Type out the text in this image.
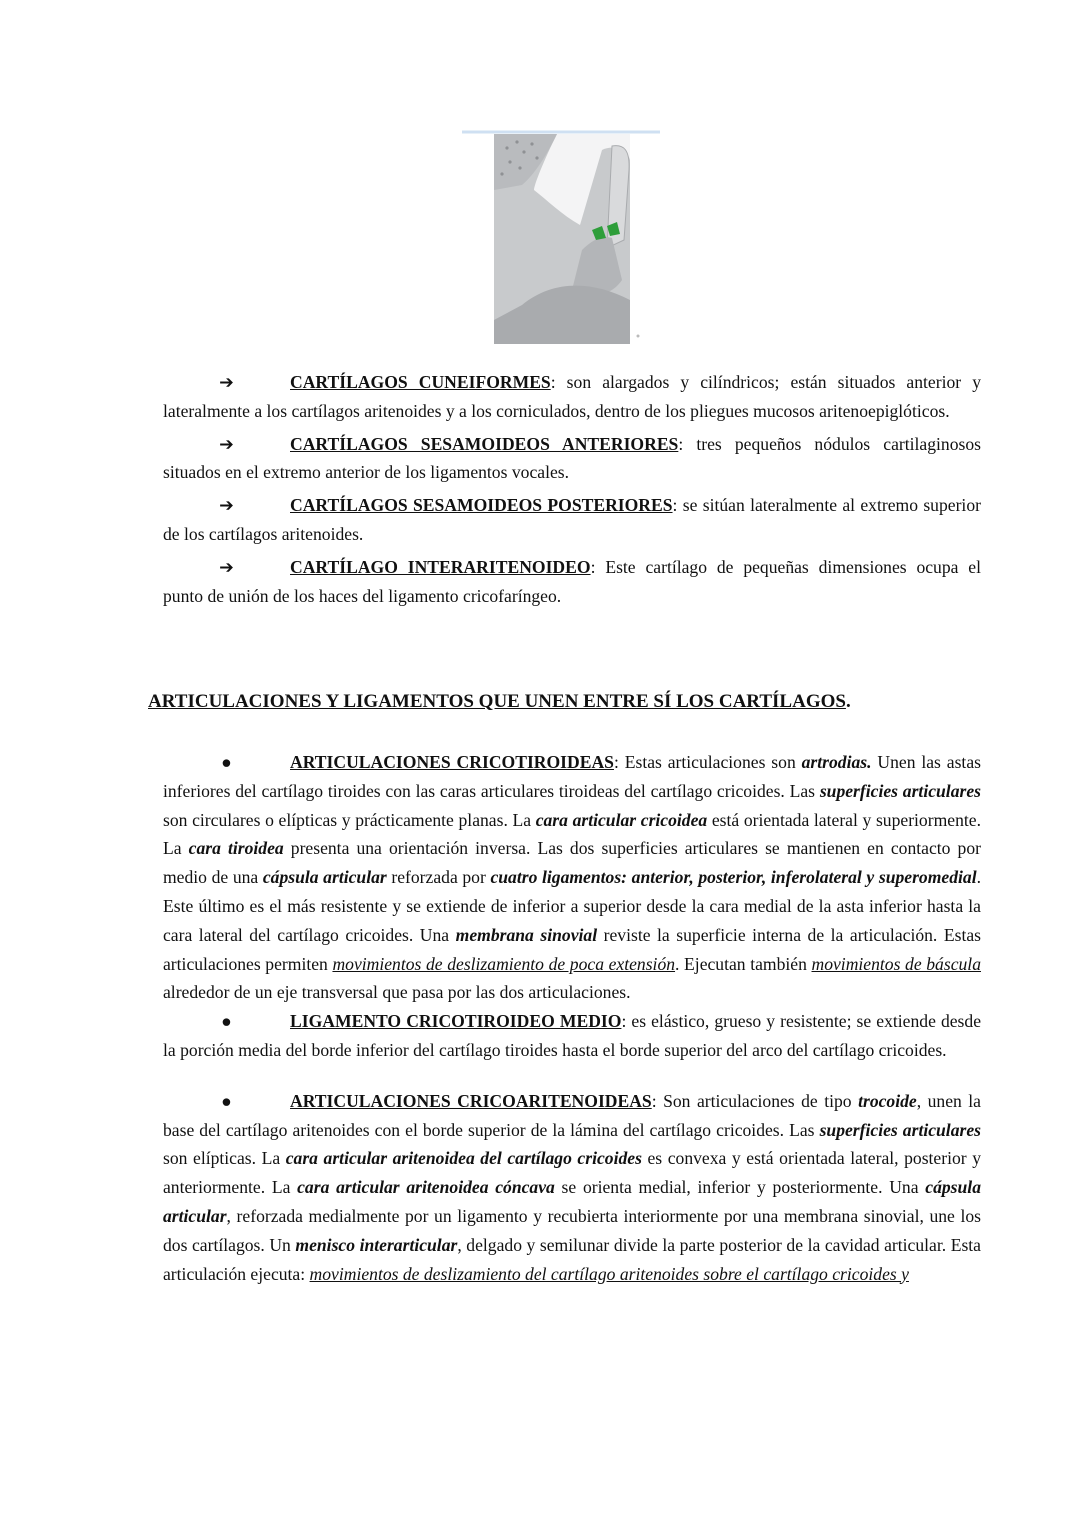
➔	CARTÍLAGOS CUNEIFORMES: son alargados y cilíndricos; están situados anterior y lateralmente a los cartílagos aritenoides y a los corniculados, dentro de los pliegues mucosos aritenoepiglóticos.

➔	CARTÍLAGOS SESAMOIDEOS ANTERIORES: tres pequeños nódulos cartilaginosos situados en el extremo anterior de los ligamentos vocales.

➔	CARTÍLAGOS SESAMOIDEOS POSTERIORES: se sitúan lateralmente al extremo superior de los cartílagos aritenoides.

➔	CARTÍLAGO INTERARITENOIDEO: Este cartílago de pequeñas dimensiones ocupa el punto de unión de los haces del ligamento cricofaríngeo.

ARTICULACIONES Y LIGAMENTOS QUE UNEN ENTRE SÍ LOS CARTÍLAGOS.

●	ARTICULACIONES CRICOTIROIDEAS: Estas articulaciones son artrodias. Unen las astas inferiores del cartílago tiroides con las caras articulares tiroideas del cartílago cricoides. Las superficies articulares son circulares o elípticas y prácticamente planas. La cara articular cricoidea está orientada lateral y superiormente. La cara tiroidea presenta una orientación inversa. Las dos superficies articulares se mantienen en contacto por medio de una cápsula articular reforzada por cuatro ligamentos: anterior, posterior, inferolateral y superomedial. Este último es el más resistente y se extiende de inferior a superior desde la cara medial de la asta inferior hasta la cara lateral del cartílago cricoides. Una membrana sinovial reviste la superficie interna de la articulación. Estas articulaciones permiten movimientos de deslizamiento de poca extensión. Ejecutan también movimientos de báscula alrededor de un eje transversal que pasa por las dos articulaciones.

●	LIGAMENTO CRICOTIROIDEO MEDIO: es elástico, grueso y resistente; se extiende desde la porción media del borde inferior del cartílago tiroides hasta el borde superior del arco del cartílago cricoides.

●	ARTICULACIONES CRICOARITENOIDEAS: Son articulaciones de tipo trocoide, unen la base del cartílago aritenoides con el borde superior de la lámina del cartílago cricoides. Las superficies articulares son elípticas. La cara articular aritenoidea del cartílago cricoides es convexa y está orientada lateral, posterior y anteriormente. La cara articular aritenoidea cóncava se orienta medial, inferior y posteriormente. Una cápsula articular, reforzada medialmente por un ligamento y recubierta interiormente por una membrana sinovial, une los dos cartílagos. Un menisco interarticular, delgado y semilunar divide la parte posterior de la cavidad articular. Esta articulación ejecuta: movimientos de deslizamiento del cartílago aritenoides sobre el cartílago cricoides y
